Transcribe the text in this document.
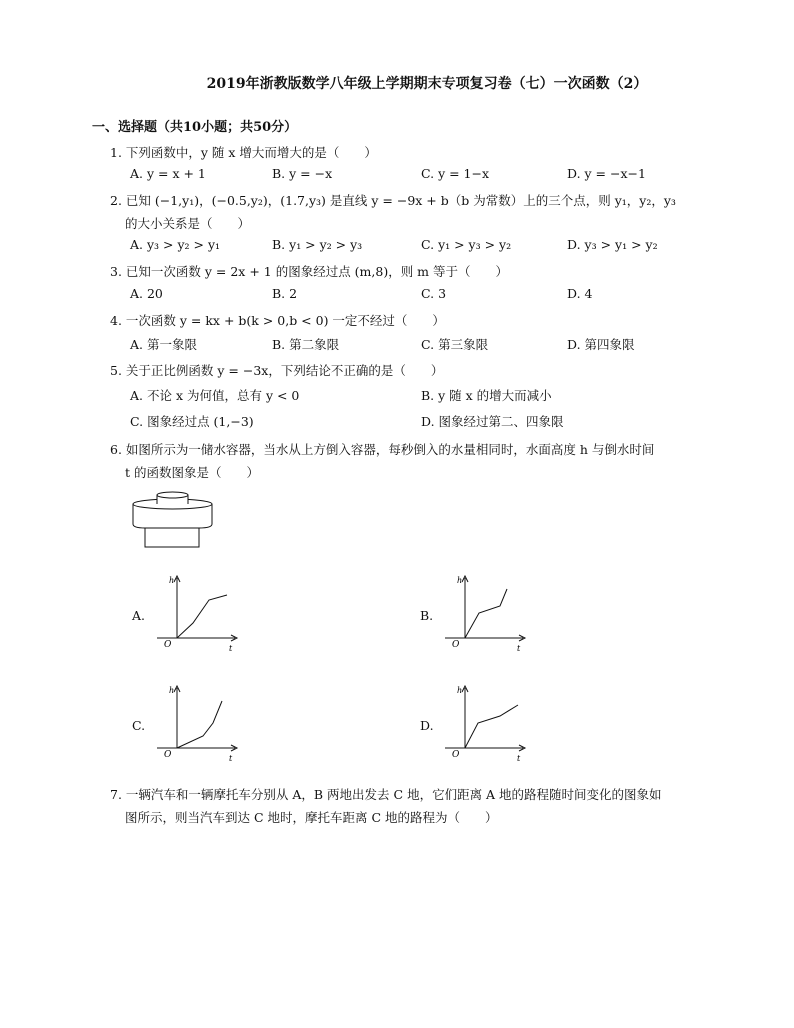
2019年浙教版数学八年级上学期期末专项复习卷（七）一次函数（2）
一、选择题（共10小题；共50分）
1. 下列函数中，y 随 x 增大而增大的是（　　）
A. y = x + 1	B. y = −x	C. y = 1−x	D. y = −x−1
2. 已知 (−1,y₁)，(−0.5,y₂)，(1.7,y₃) 是直线 y = −9x + b（b 为常数）上的三个点，则 y₁，y₂，y₃
的大小关系是（　　）
A. y₃ > y₂ > y₁	B. y₁ > y₂ > y₃	C. y₁ > y₃ > y₂	D. y₃ > y₁ > y₂
3. 已知一次函数 y = 2x + 1 的图象经过点 (m,8)，则 m 等于（　　）
A. 20	B. 2	C. 3	D. 4
4. 一次函数 y = kx + b(k > 0,b < 0) 一定不经过（　　）
A. 第一象限	B. 第二象限	C. 第三象限	D. 第四象限
5. 关于正比例函数 y = −3x，下列结论不正确的是（　　）
A. 不论 x 为何值，总有 y < 0	B. y 随 x 的增大而减小
C. 图象经过点 (1,−3)	D. 图象经过第二、四象限
6. 如图所示为一储水容器，当水从上方倒入容器，每秒倒入的水量相同时，水面高度 h 与倒水时间
t 的函数图象是（　　）
A.	B.
C.	D.
h
O	t
h
O	t
h
O	t
h
O	t
7. 一辆汽车和一辆摩托车分别从 A，B 两地出发去 C 地，它们距离 A 地的路程随时间变化的图象如
图所示，则当汽车到达 C 地时，摩托车距离 C 地的路程为（　　）
